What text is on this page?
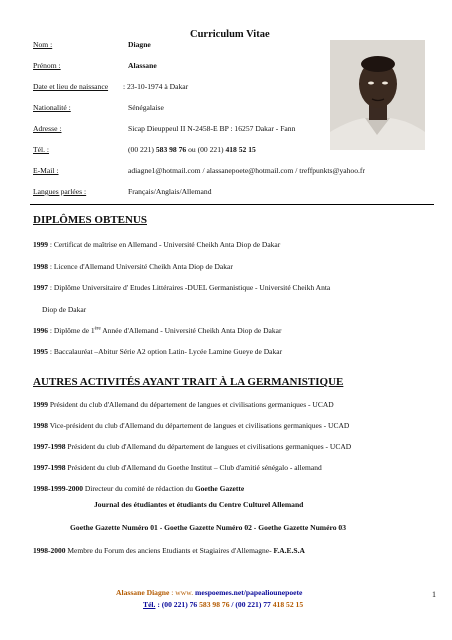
Curriculum Vitae
Nom :	Diagne
Prénom :	Alassane
Date et lieu de naissance : 23-10-1974 à Dakar
Nationalité :	Sénégalaise
Adresse :	Sicap Dieuppeul II N-2458-E BP : 16257 Dakar - Fann
Tél. :	(00 221) 583 98 76 ou (00 221) 418 52 15
E-Mail :	adiagne1@hotmail.com / alassanepoete@hotmail.com / treffpunkts@yahoo.fr
Langues parlées :	Français/Anglais/Allemand
DIPLÔMES OBTENUS
1999 : Certificat de maîtrise en Allemand - Université Cheikh Anta Diop de Dakar
1998 : Licence d'Allemand Université Cheikh Anta Diop de Dakar
1997 : Diplôme Universitaire d' Etudes Littéraires -DUEL Germanistique - Université Cheikh Anta
Diop de Dakar
1996 : Diplôme de 1ère Année d'Allemand - Université Cheikh Anta Diop de Dakar
1995 : Baccalauréat –Abitur Série A2 option Latin- Lycée Lamine Gueye de Dakar
AUTRES ACTIVITÉS AYANT TRAIT À LA GERMANISTIQUE
1999 Président du club d'Allemand du département de langues et civilisations germaniques - UCAD
1998 Vice-président du club d'Allemand du département de langues et civilisations germaniques - UCAD
1997-1998 Président du club d'Allemand du département de langues et civilisations germaniques - UCAD
1997-1998 Président du club d'Allemand du Goethe Institut – Club d'amitié sénégalo - allemand
1998-1999-2000 Directeur du comité de rédaction du Goethe Gazette
Journal des étudiantes et étudiants du Centre Culturel Allemand
Goethe Gazette Numéro 01 - Goethe Gazette Numéro 02 - Goethe Gazette Numéro 03
1998-2000 Membre du Forum des anciens Etudiants et Stagiaires d'Allemagne- F.A.E.S.A
Alassane Diagne : www. mespoemes.net/papealiounepoete
Tél. : (00 221) 76 583 98 76 / (00 221) 77 418 52 15
1
